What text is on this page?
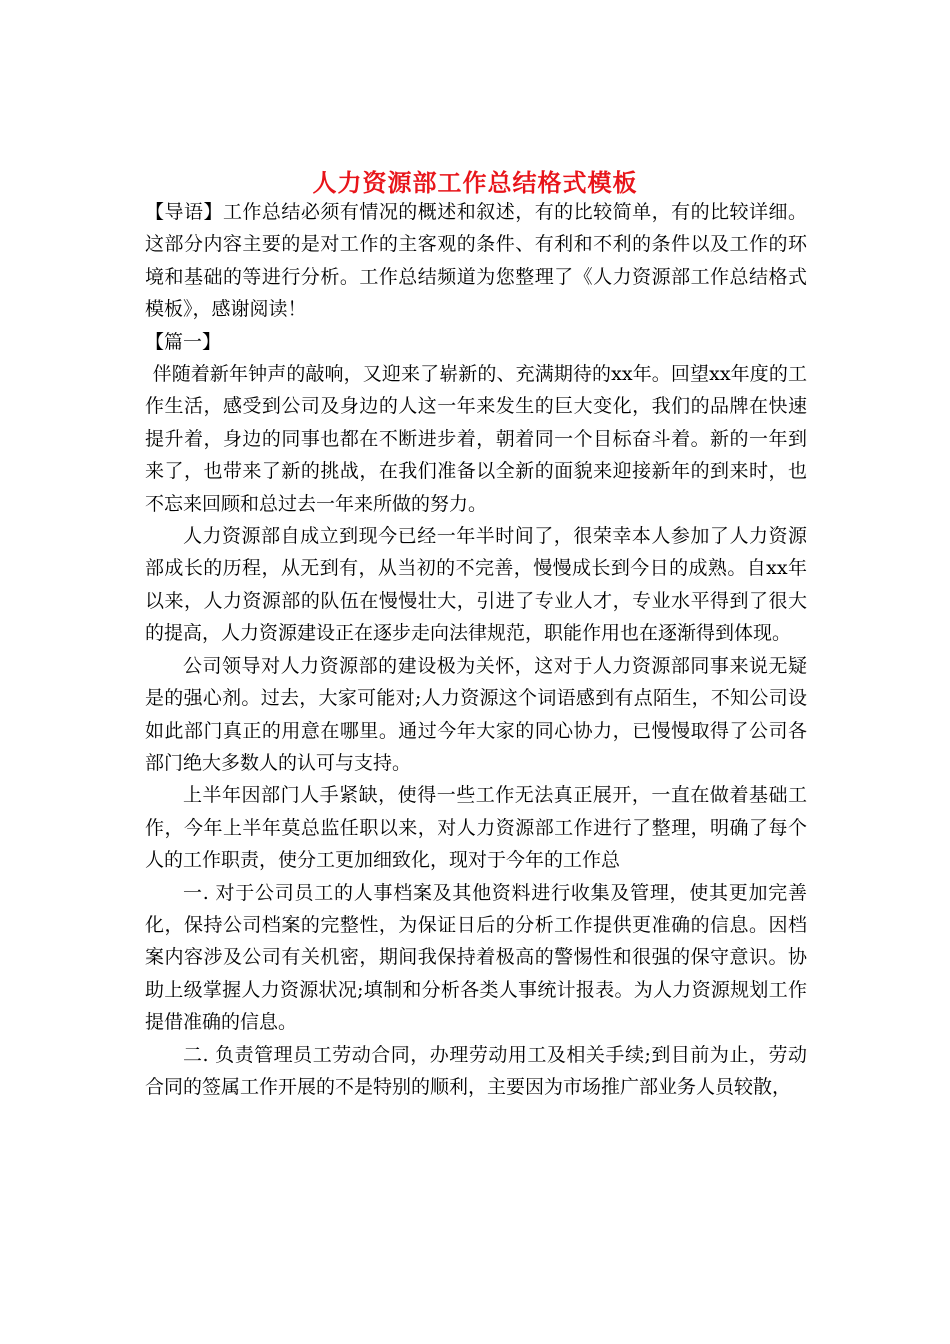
人力资源部工作总结格式模板

【导语】工作总结必须有情况的概述和叙述，有的比较简单，有的比较详细。这部分内容主要的是对工作的主客观的条件、有利和不利的条件以及工作的环境和基础的等进行分析。工作总结频道为您整理了《人力资源部工作总结格式模板》，感谢阅读！

【篇一】

伴随着新年钟声的敲响，又迎来了崭新的、充满期待的xx年。回望xx年度的工作生活，感受到公司及身边的人这一年来发生的巨大变化，我们的品牌在快速提升着，身边的同事也都在不断进步着，朝着同一个目标奋斗着。新的一年到来了，也带来了新的挑战，在我们准备以全新的面貌来迎接新年的到来时，也不忘来回顾和总过去一年来所做的努力。

人力资源部自成立到现今已经一年半时间了，很荣幸本人参加了人力资源部成长的历程，从无到有，从当初的不完善，慢慢成长到今日的成熟。自xx年以来，人力资源部的队伍在慢慢壮大，引进了专业人才，专业水平得到了很大的提高，人力资源建设正在逐步走向法律规范，职能作用也在逐渐得到体现。

公司领导对人力资源部的建设极为关怀，这对于人力资源部同事来说无疑是的强心剂。过去，大家可能对;人力资源这个词语感到有点陌生，不知公司设如此部门真正的用意在哪里。通过今年大家的同心协力，已慢慢取得了公司各部门绝大多数人的认可与支持。

上半年因部门人手紧缺，使得一些工作无法真正展开，一直在做着基础工作，今年上半年莫总监任职以来，对人力资源部工作进行了整理，明确了每个人的工作职责，使分工更加细致化，现对于今年的工作总

一. 对于公司员工的人事档案及其他资料进行收集及管理，使其更加完善化，保持公司档案的完整性，为保证日后的分析工作提供更准确的信息。因档案内容涉及公司有关机密，期间我保持着极高的警惕性和很强的保守意识。协助上级掌握人力资源状况;填制和分析各类人事统计报表。为人力资源规划工作提借准确的信息。

二. 负责管理员工劳动合同，办理劳动用工及相关手续;到目前为止，劳动合同的签属工作开展的不是特别的顺利，主要因为市场推广部业务人员较散，
